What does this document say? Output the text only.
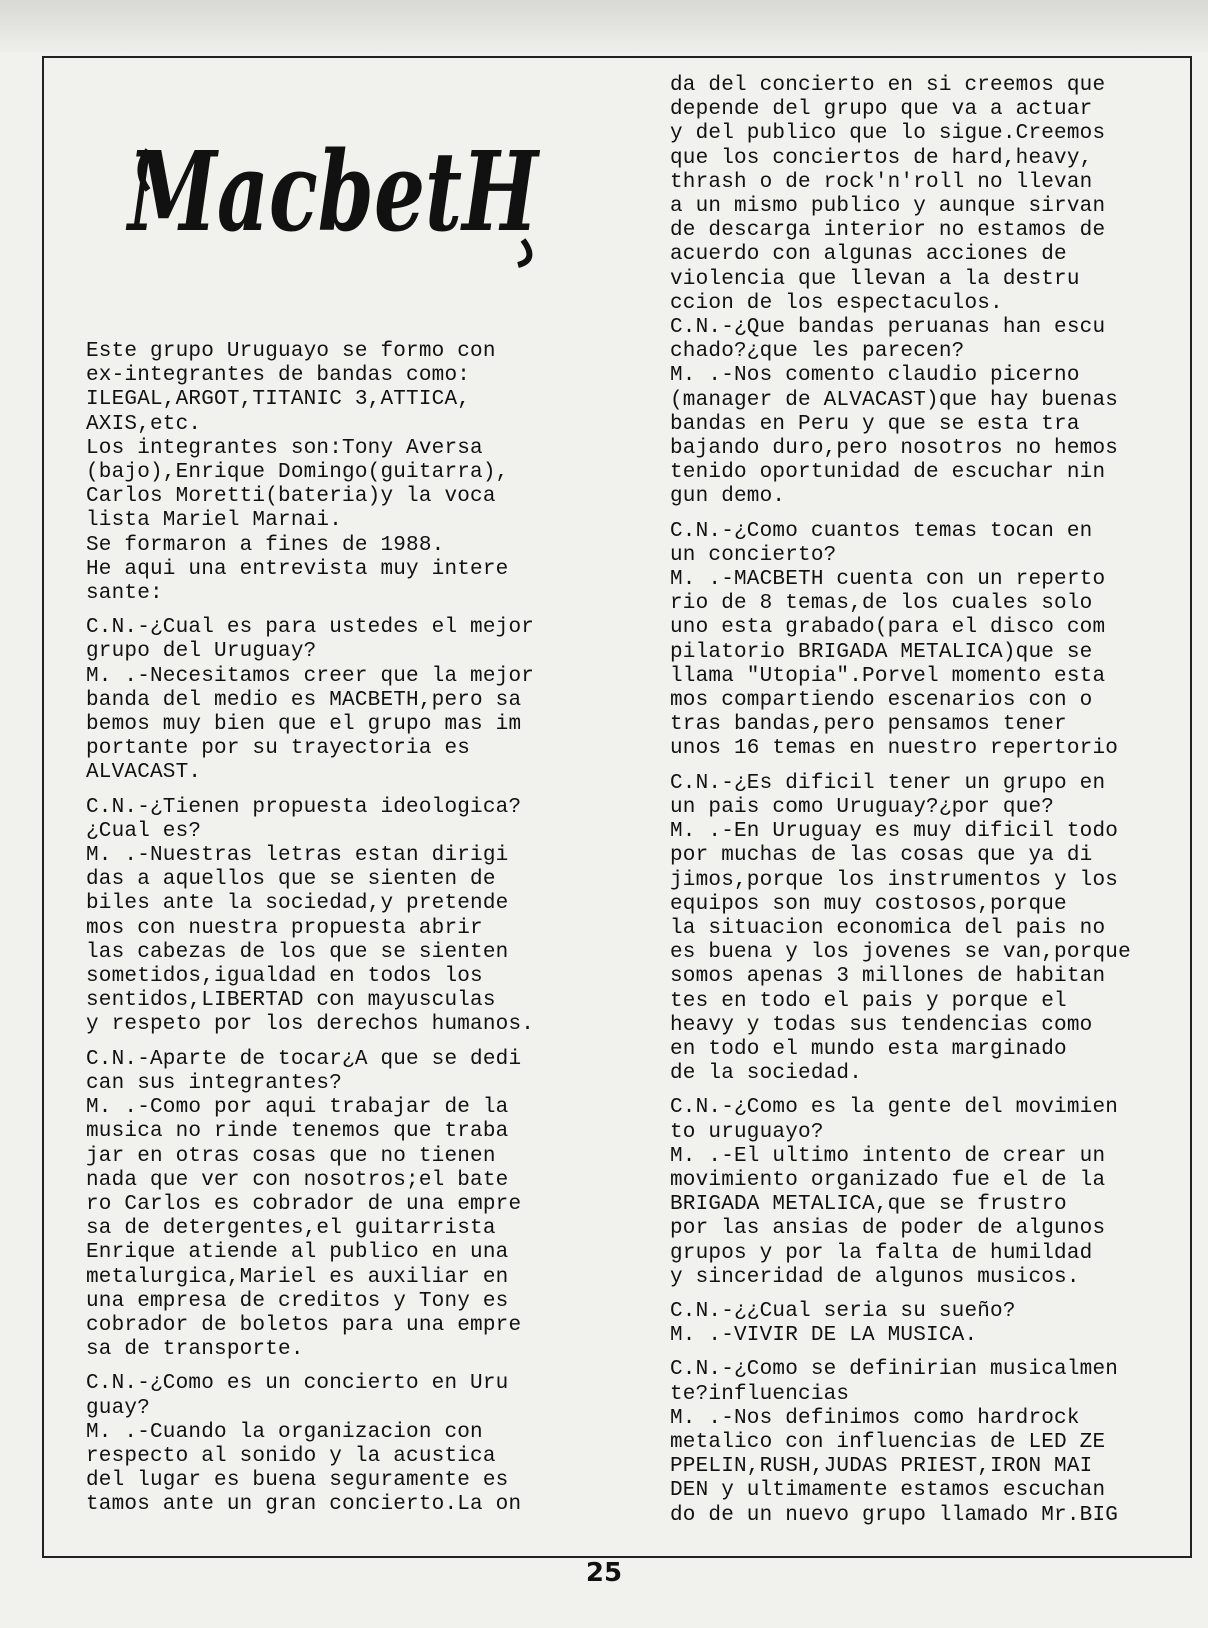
MacbetH
Este grupo Uruguayo se formo con
ex-integrantes de bandas como:
ILEGAL,ARGOT,TITANIC 3,ATTICA,
AXIS,etc.
Los integrantes son:Tony Aversa
(bajo),Enrique Domingo(guitarra),
Carlos Moretti(bateria)y la voca
lista Mariel Marnai.
Se formaron a fines de 1988.
He aqui una entrevista muy intere
sante:
C.N.-¿Cual es para ustedes el mejor
grupo del Uruguay?
M. .-Necesitamos creer que la mejor
banda del medio es MACBETH,pero sa
bemos muy bien que el grupo mas im
portante por su trayectoria es
ALVACAST.
C.N.-¿Tienen propuesta ideologica?
¿Cual es?
M. .-Nuestras letras estan dirigi
das a aquellos que se sienten de
biles ante la sociedad,y pretende
mos con nuestra propuesta abrir
las cabezas de los que se sienten
sometidos,igualdad en todos los
sentidos,LIBERTAD con mayusculas
y respeto por los derechos humanos.
C.N.-Aparte de tocar¿A que se dedi
can sus integrantes?
M. .-Como por aqui trabajar de la
musica no rinde tenemos que traba
jar en otras cosas que no tienen
nada que ver con nosotros;el bate
ro Carlos es cobrador de una empre
sa de detergentes,el guitarrista
Enrique atiende al publico en una
metalurgica,Mariel es auxiliar en
una empresa de creditos y Tony es
cobrador de boletos para una empre
sa de transporte.
C.N.-¿Como es un concierto en Uru
guay?
M. .-Cuando la organizacion con
respecto al sonido y la acustica
del lugar es buena seguramente es
tamos ante un gran concierto.La on
da del concierto en si creemos que
depende del grupo que va a actuar
y del publico que lo sigue.Creemos
que los conciertos de hard,heavy,
thrash o de rock'n'roll no llevan
a un mismo publico y aunque sirvan
de descarga interior no estamos de
acuerdo con algunas acciones de
violencia que llevan a la destru
ccion de los espectaculos.
C.N.-¿Que bandas peruanas han escu
chado?¿que les parecen?
M. .-Nos comento claudio picerno
(manager de ALVACAST)que hay buenas
bandas en Peru y que se esta tra
bajando duro,pero nosotros no hemos
tenido oportunidad de escuchar nin
gun demo.
C.N.-¿Como cuantos temas tocan en
un concierto?
M. .-MACBETH cuenta con un reperto
rio de 8 temas,de los cuales solo
uno esta grabado(para el disco com
pilatorio BRIGADA METALICA)que se
llama "Utopia".Porvel momento esta
mos compartiendo escenarios con o
tras bandas,pero pensamos tener
unos 16 temas en nuestro repertorio
C.N.-¿Es dificil tener un grupo en
un pais como Uruguay?¿por que?
M. .-En Uruguay es muy dificil todo
por muchas de las cosas que ya di
jimos,porque los instrumentos y los
equipos son muy costosos,porque
la situacion economica del pais no
es buena y los jovenes se van,porque
somos apenas 3 millones de habitan
tes en todo el pais y porque el
heavy y todas sus tendencias como
en todo el mundo esta marginado
de la sociedad.
C.N.-¿Como es la gente del movimien
to uruguayo?
M. .-El ultimo intento de crear un
movimiento organizado fue el de la
BRIGADA METALICA,que se frustro
por las ansias de poder de algunos
grupos y por la falta de humildad
y sinceridad de algunos musicos.
C.N.-¿¿Cual seria su sueño?
M. .-VIVIR DE LA MUSICA.
C.N.-¿Como se definirian musicalmen
te?influencias
M. .-Nos definimos como hardrock
metalico con influencias de LED ZE
PPELIN,RUSH,JUDAS PRIEST,IRON MAI
DEN y ultimamente estamos escuchan
do de un nuevo grupo llamado Mr.BIG
25
